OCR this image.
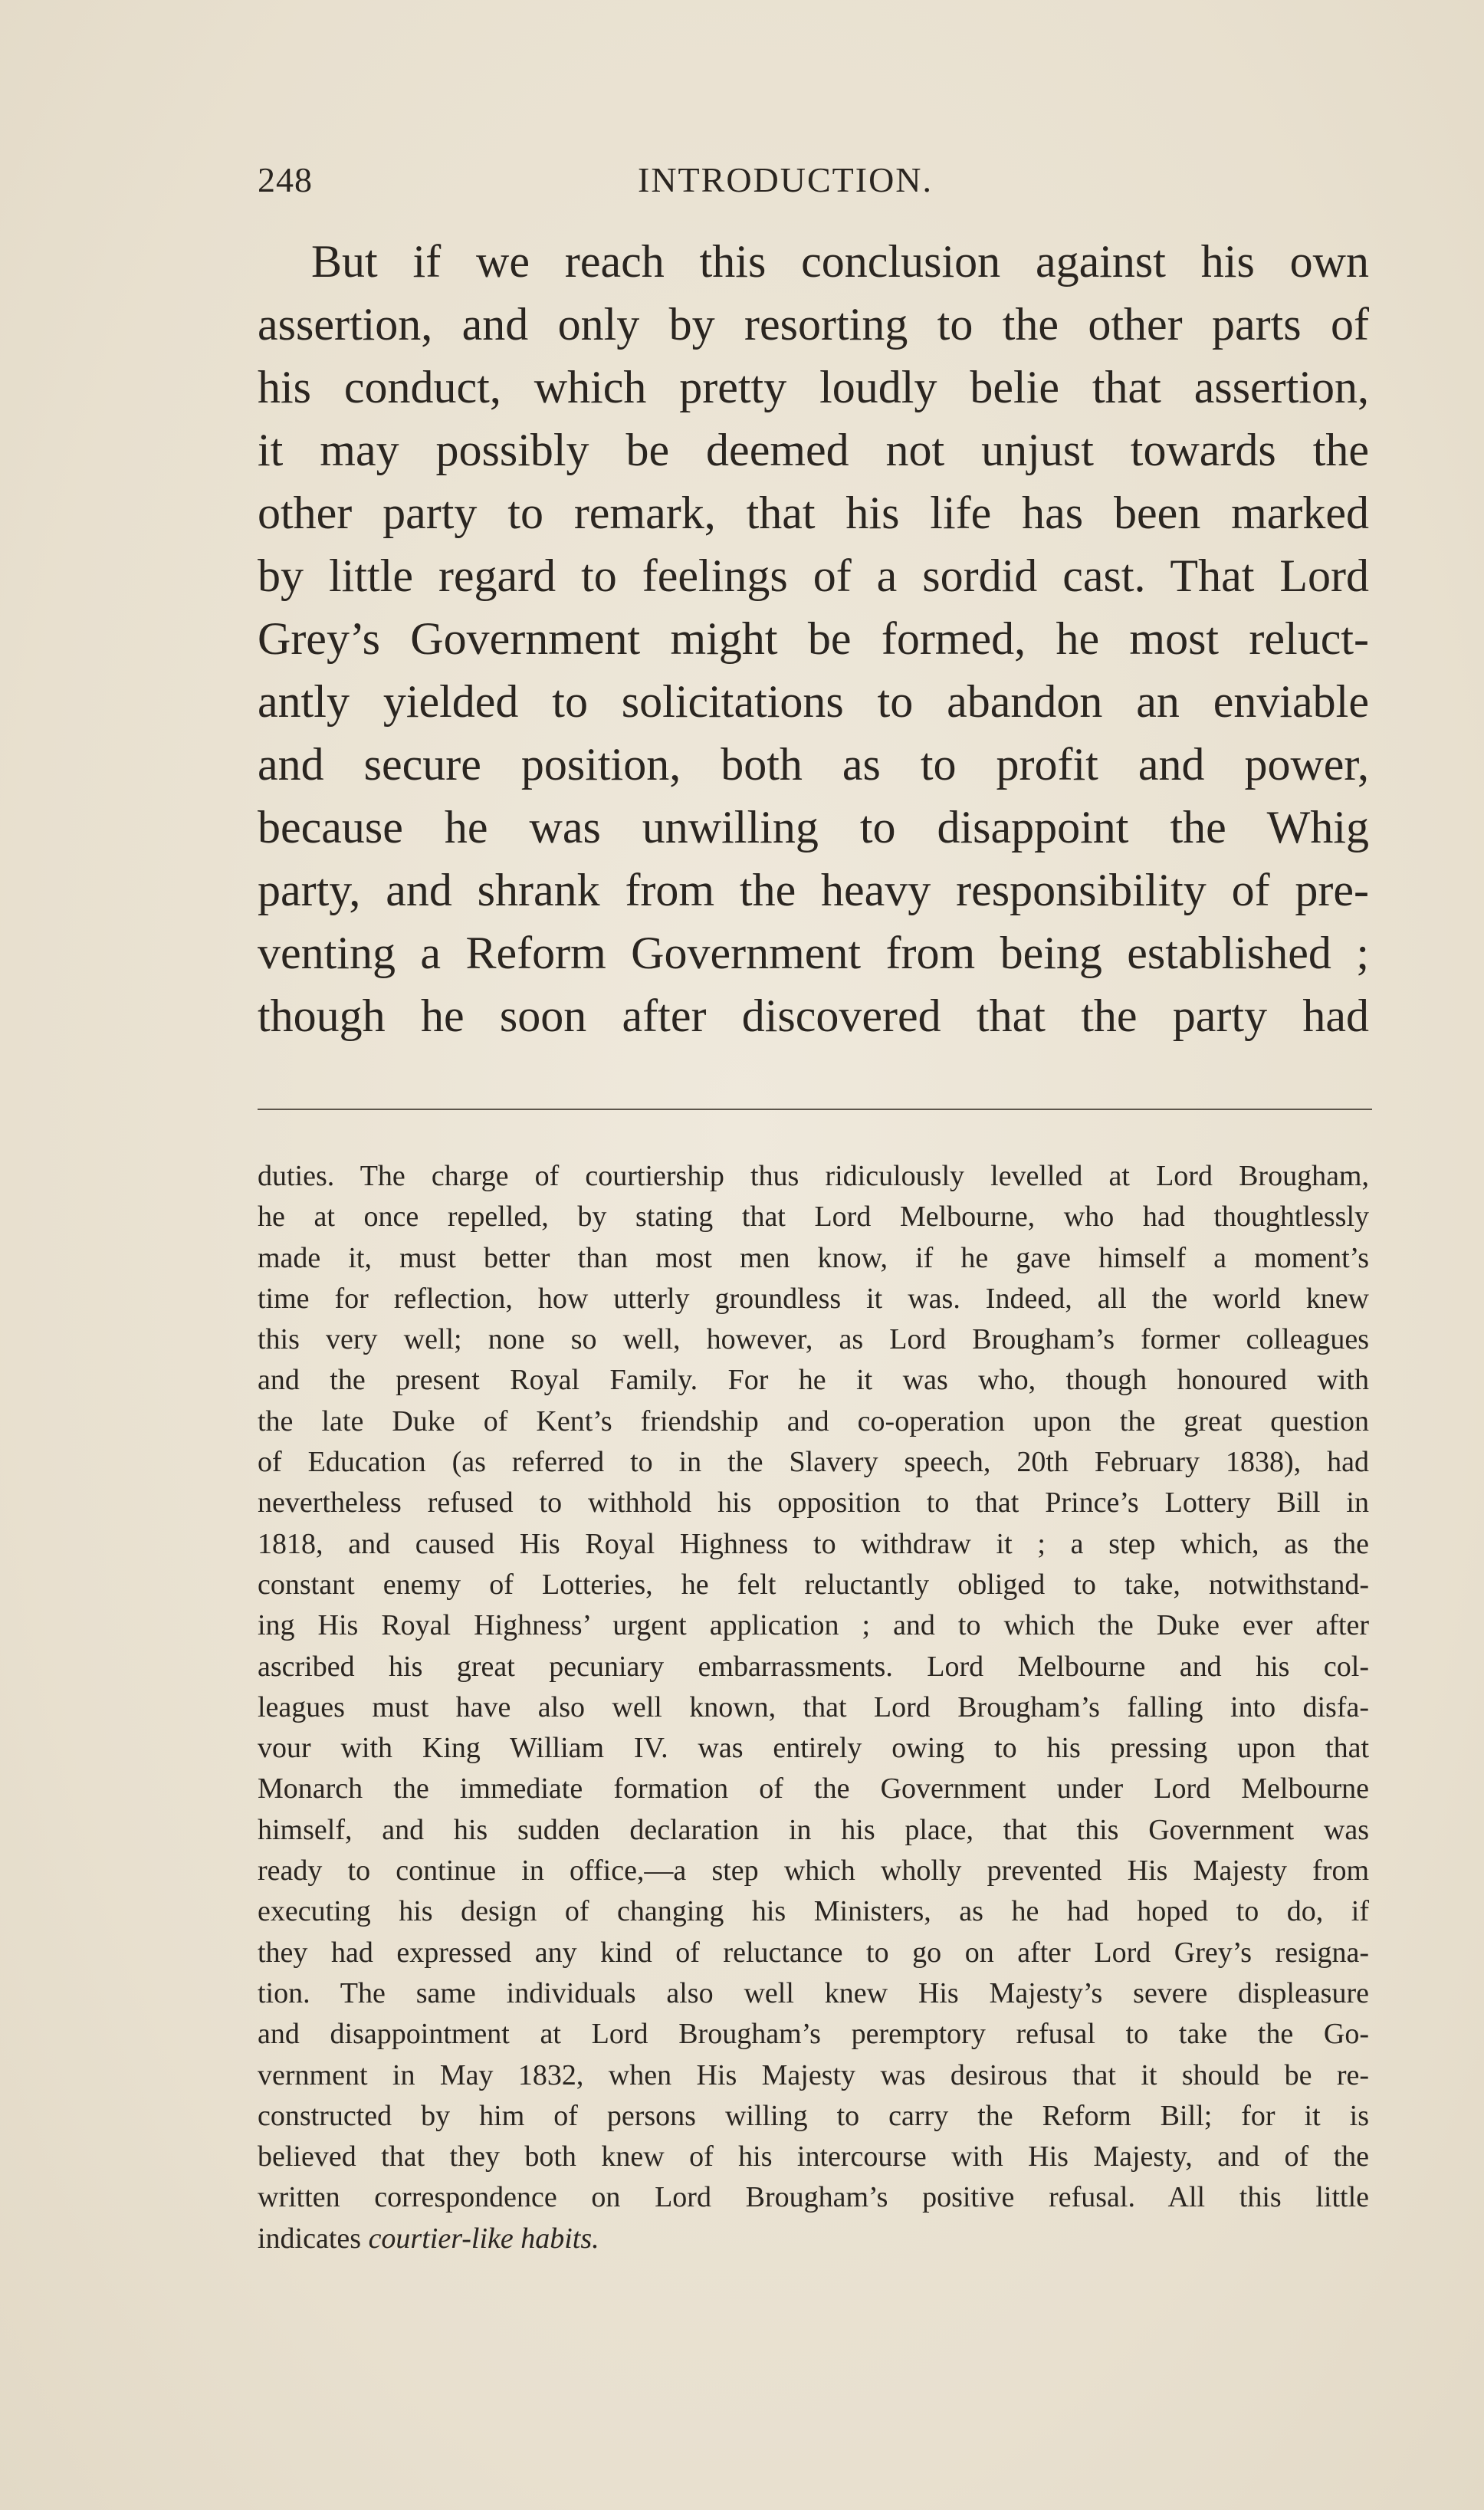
248	INTRODUCTION.
But if we reach this conclusion against his own
assertion, and only by resorting to the other parts of
his conduct, which pretty loudly belie that assertion,
it may possibly be deemed not unjust towards the
other party to remark, that his life has been marked
by little regard to feelings of a sordid cast. That Lord
Grey’s Government might be formed, he most reluct-
antly yielded to solicitations to abandon an enviable
and secure position, both as to profit and power,
because he was unwilling to disappoint the Whig
party, and shrank from the heavy responsibility of pre-
venting a Reform Government from being established ;
though he soon after discovered that the party had
duties. The charge of courtiership thus ridiculously levelled at Lord Brougham,
he at once repelled, by stating that Lord Melbourne, who had thoughtlessly
made it, must better than most men know, if he gave himself a moment’s
time for reflection, how utterly groundless it was. Indeed, all the world knew
this very well; none so well, however, as Lord Brougham’s former colleagues
and the present Royal Family. For he it was who, though honoured with
the late Duke of Kent’s friendship and co-operation upon the great question
of Education (as referred to in the Slavery speech, 20th February 1838), had
nevertheless refused to withhold his opposition to that Prince’s Lottery Bill in
1818, and caused His Royal Highness to withdraw it ; a step which, as the
constant enemy of Lotteries, he felt reluctantly obliged to take, notwithstand-
ing His Royal Highness’ urgent application ; and to which the Duke ever after
ascribed his great pecuniary embarrassments. Lord Melbourne and his col-
leagues must have also well known, that Lord Brougham’s falling into disfa-
vour with King William IV. was entirely owing to his pressing upon that
Monarch the immediate formation of the Government under Lord Melbourne
himself, and his sudden declaration in his place, that this Government was
ready to continue in office,—a step which wholly prevented His Majesty from
executing his design of changing his Ministers, as he had hoped to do, if
they had expressed any kind of reluctance to go on after Lord Grey’s resigna-
tion. The same individuals also well knew His Majesty’s severe displeasure
and disappointment at Lord Brougham’s peremptory refusal to take the Go-
vernment in May 1832, when His Majesty was desirous that it should be re-
constructed by him of persons willing to carry the Reform Bill; for it is
believed that they both knew of his intercourse with His Majesty, and of the
written correspondence on Lord Brougham’s positive refusal. All this little
indicates courtier-like habits.
